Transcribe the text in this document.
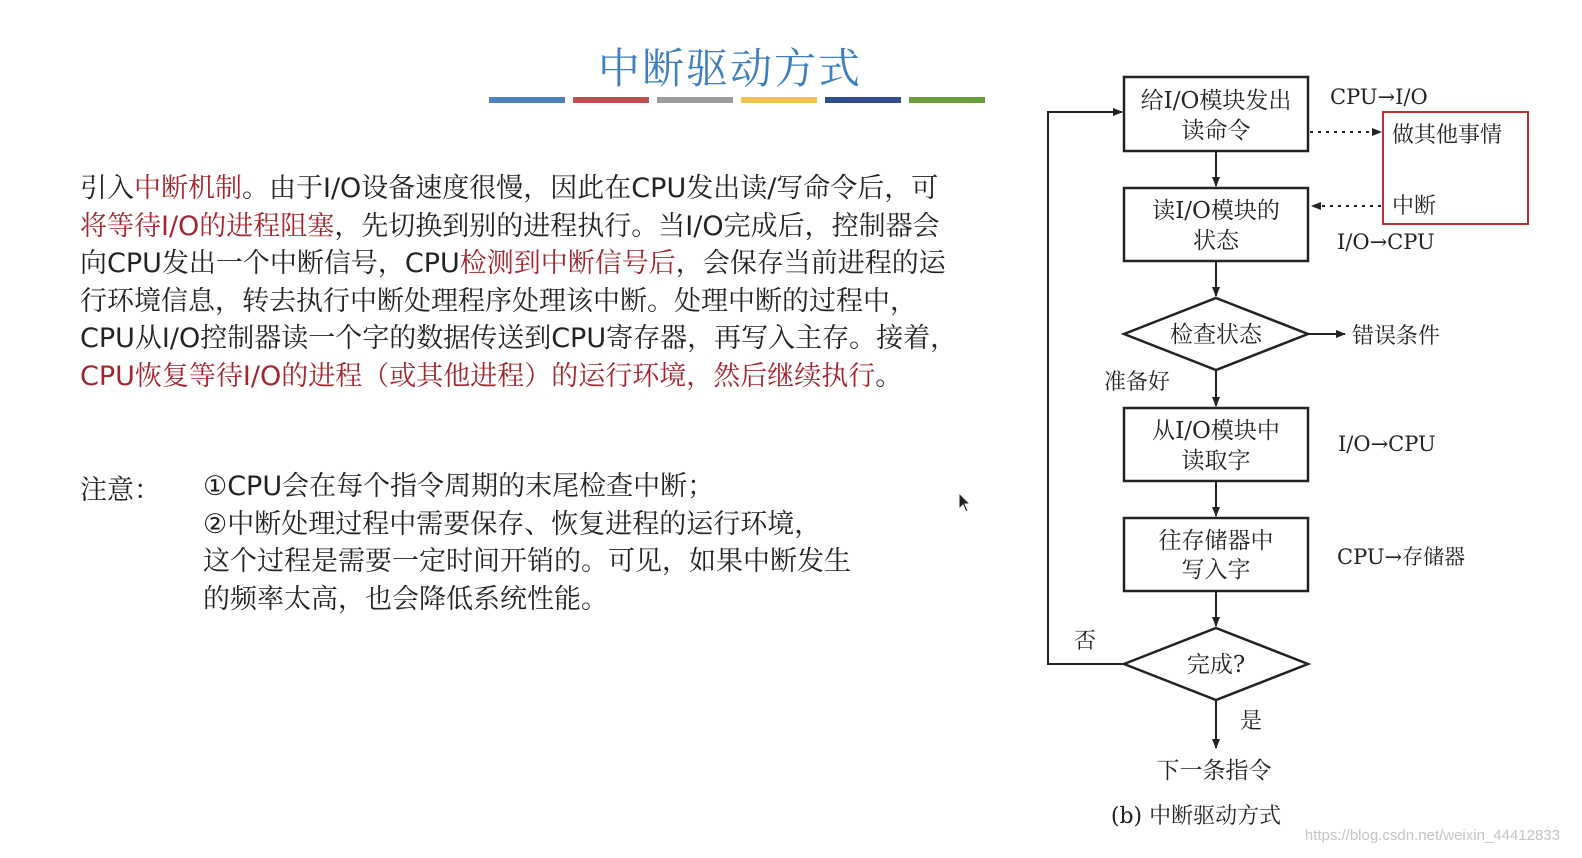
中断驱动方式
引入中断机制。由于I/O设备速度很慢，因此在CPU发出读/写命令后，可将等待I/O的进程阻塞，先切换到别的进程执行。当I/O完成后，控制器会向CPU发出一个中断信号，CPU检测到中断信号后，会保存当前进程的运行环境信息，转去执行中断处理程序处理该中断。处理中断的过程中，CPU从I/O控制器读一个字的数据传送到CPU寄存器，再写入主存。接着，CPU恢复等待I/O的进程（或其他进程）的运行环境，然后继续执行。
注意： ①CPU会在每个指令周期的末尾检查中断；
②中断处理过程中需要保存、恢复进程的运行环境，
这个过程是需要一定时间开销的。可见，如果中断发生
的频率太高，也会降低系统性能。
给I/O模块发出
读命令
CPU→I/O
做其他事情
中断
读I/O模块的
状态	I/O→CPU
检查状态	错误条件
准备好
从I/O模块中
读取字
I/O→CPU
往存储器中
写入字	CPU→存储器
完成?
否
是
下一条指令
(b) 中断驱动方式
https://blog.csdn.net/weixin_44412833
